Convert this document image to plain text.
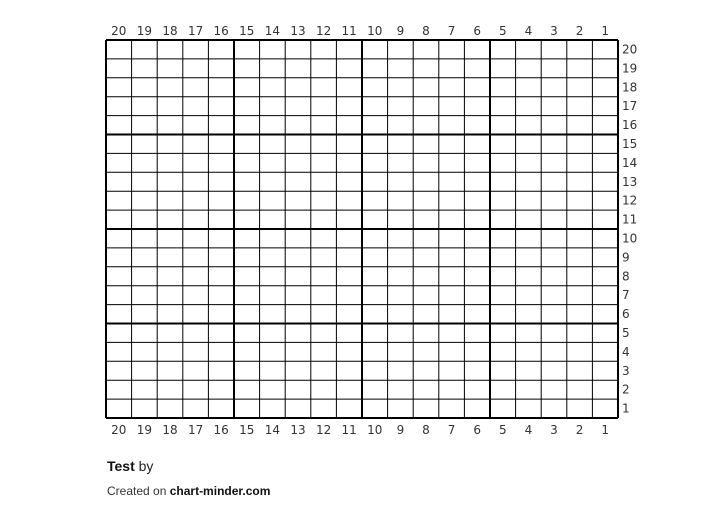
20 19 18 17 16 15 14 13 12 11 10 9 8 7 6 5 4 3 2 1
20 19 18 17 16 15 14 13 12 11 10 9 8 7 6 5 4 3 2 1
20
19
18
17
16
15
14
13
12
11
10
9
8
7
6
5
4
3
2
1
Test by
Created on chart-minder.com
